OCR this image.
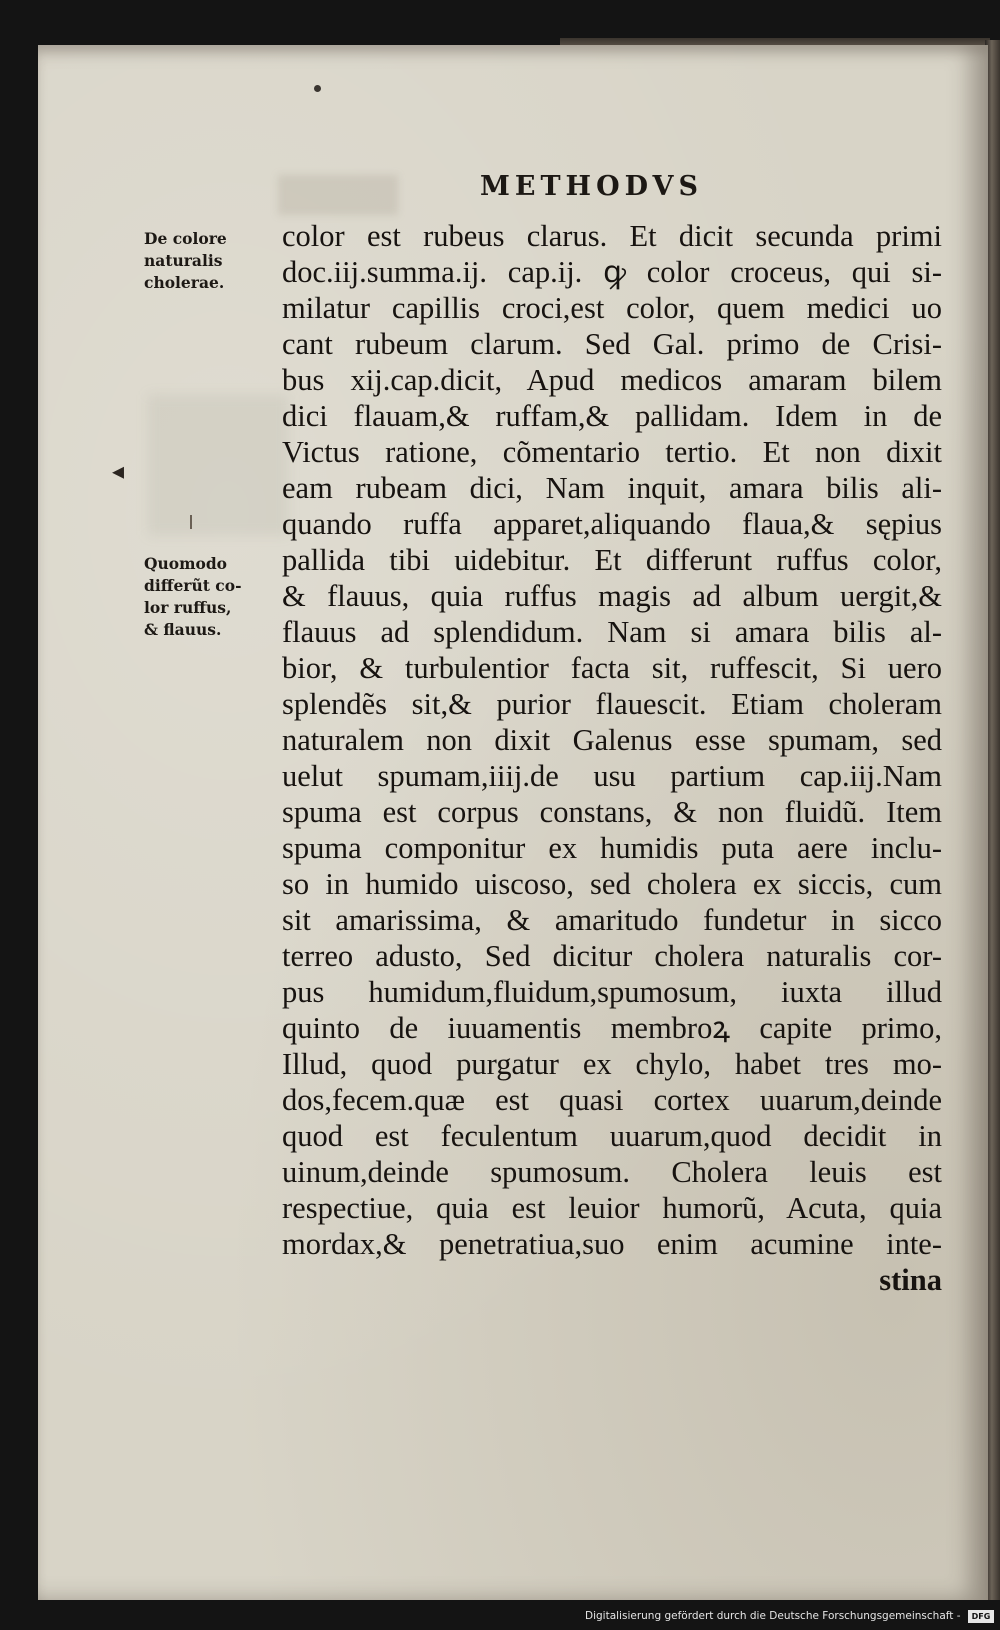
◂
METHODVS
De colore
naturalis
cholerae.
Quomodo
differũt co-
lor ruffus,
& flauus.
color est rubeus clarus. Et dicit secunda primi
doc.iij.summa.ij. cap.ij. ꝙ color croceus, qui si-
milatur capillis croci,est color, quem medici uo
cant rubeum clarum. Sed Gal. primo de Crisi-
bus xij.cap.dicit, Apud medicos amaram bilem
dici flauam,& ruffam,& pallidam. Idem in de
Victus ratione, cõmentario tertio. Et non dixit
eam rubeam dici, Nam inquit, amara bilis ali-
quando ruffa apparet,aliquando flaua,& sępius
pallida tibi uidebitur. Et differunt ruffus color,
& flauus, quia ruffus magis ad album uergit,&
flauus ad splendidum. Nam si amara bilis al-
bior, & turbulentior facta sit, ruffescit, Si uero
splendẽs sit,& purior flauescit. Etiam choleram
naturalem non dixit Galenus esse spumam, sed
uelut spumam,iiij.de usu partium cap.iij.Nam
spuma est corpus constans, & non fluidũ. Item
spuma componitur ex humidis puta aere inclu-
so in humido uiscoso, sed cholera ex siccis, cum
sit amarissima, & amaritudo fundetur in sicco
terreo adusto, Sed dicitur cholera naturalis cor-
pus humidum,fluidum,spumosum, iuxta illud
quinto de iuuamentis membroꝝ capite primo,
Illud, quod purgatur ex chylo, habet tres mo-
dos,fecem.quæ est quasi cortex uuarum,deinde
quod est feculentum uuarum,quod decidit in
uinum,deinde spumosum. Cholera leuis est
respectiue, quia est leuior humorũ, Acuta, quia
mordax,& penetratiua,suo enim acumine inte-
stina
Digitalisierung gefördert durch die Deutsche Forschungsgemeinschaft -	DFG
